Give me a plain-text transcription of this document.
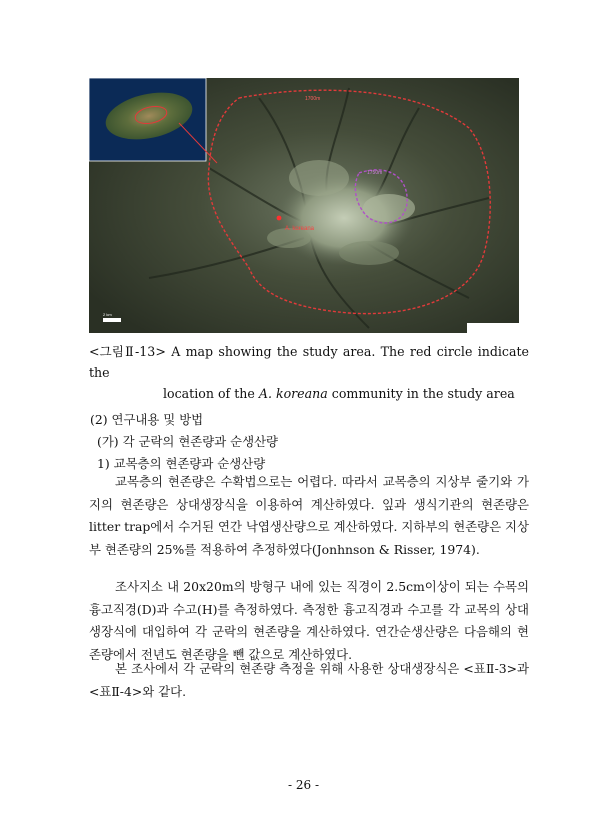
A. koreana
1700m
1750m
2 km
<그림Ⅱ-13> A map showing the study area. The red circle indicate the
location of the A. koreana community in the study area
(2) 연구내용 및 방법
(가) 각 군락의 현존량과 순생산량
1) 교목층의 현존량과 순생산량
교목층의 현존량은 수확법으로는 어렵다. 따라서 교목층의 지상부 줄기와 가지의 현존량은 상대생장식을 이용하여 계산하였다. 잎과 생식기관의 현존량은 litter trap에서 수거된 연간 낙엽생산량으로 계산하였다. 지하부의 현존량은 지상부 현존량의 25%를 적용하여 추정하였다(Jonhnson & Risser, 1974).
조사지소 내 20x20m의 방형구 내에 있는 직경이 2.5cm이상이 되는 수목의 흉고직경(D)과 수고(H)를 측정하였다. 측정한 흉고직경과 수고를 각 교목의 상대생장식에 대입하여 각 군락의 현존량을 계산하였다. 연간순생산량은 다음해의 현존량에서 전년도 현존량을 뺀 값으로 계산하였다.
본 조사에서 각 군락의 현존량 측정을 위해 사용한 상대생장식은 <표Ⅱ-3>과 <표Ⅱ-4>와 같다.
- 26 -
